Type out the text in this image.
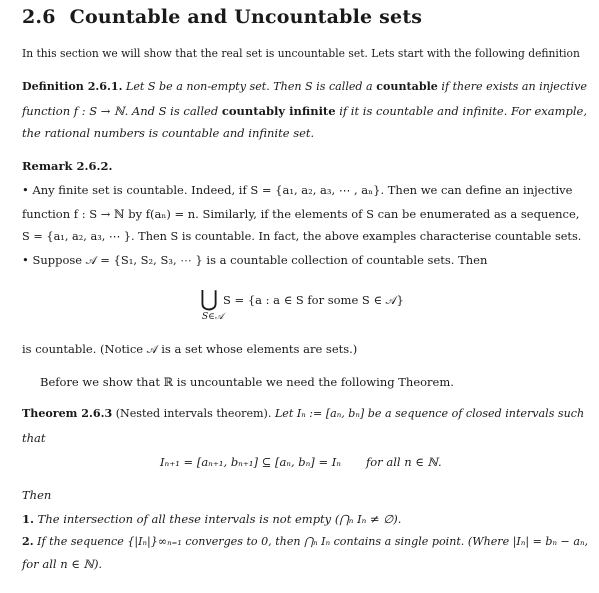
2.6 Countable and Uncountable sets
In this section we will show that the real set is uncountable set. Lets start with the following definition
Definition 2.6.1. Let S be a non-empty set. Then S is called a countable if there exists an injective
function f : S → ℕ. And S is called countably infinite if it is countable and infinite. For example,
the rational numbers is countable and infinite set.
Remark 2.6.2.
• Any finite set is countable. Indeed, if S = {a₁, a₂, a₃, ⋯ , aₙ}. Then we can define an injective
function f : S → ℕ by f(aₙ) = n. Similarly, if the elements of S can be enumerated as a sequence,
S = {a₁, a₂, a₃, ⋯ }. Then S is countable. In fact, the above examples characterise countable sets.
• Suppose 𝒜 = {S₁, S₂, S₃, ⋯ } is a countable collection of countable sets. Then
⋃
S∈𝒜
S = {a : a ∈ S for some S ∈ 𝒜}
is countable. (Notice 𝒜 is a set whose elements are sets.)
Before we show that ℝ is uncountable we need the following Theorem.
Theorem 2.6.3 (Nested intervals theorem). Let Iₙ := [aₙ, bₙ] be a sequence of closed intervals such
that
Iₙ₊₁ = [aₙ₊₁, bₙ₊₁] ⊆ [aₙ, bₙ] = Iₙ for all n ∈ ℕ.
Then
1. The intersection of all these intervals is not empty (⋂ₙ Iₙ ≠ ∅).
2. If the sequence {|Iₙ|}∞ₙ₌₁ converges to 0, then ⋂ₙ Iₙ contains a single point. (Where |Iₙ| = bₙ − aₙ,
for all n ∈ ℕ).
